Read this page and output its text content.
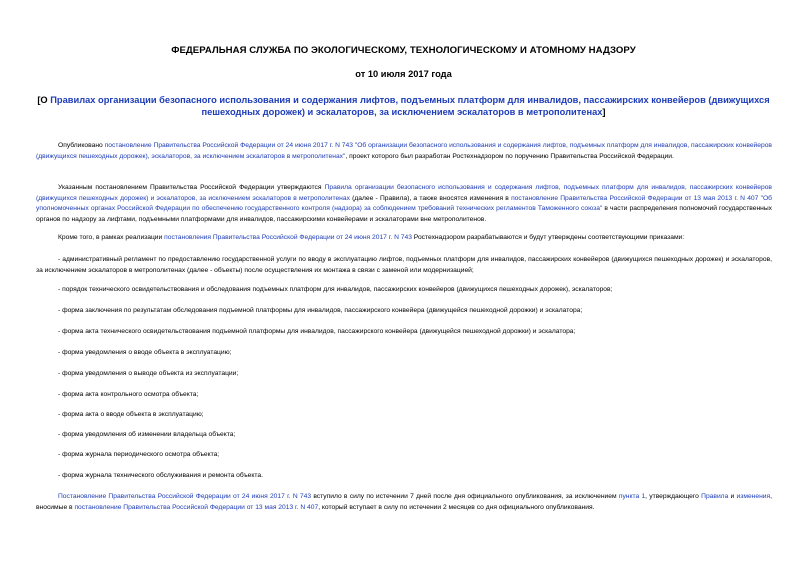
ФЕДЕРАЛЬНАЯ СЛУЖБА ПО ЭКОЛОГИЧЕСКОМУ, ТЕХНОЛОГИЧЕСКОМУ И АТОМНОМУ НАДЗОРУ
от 10 июля 2017 года
[О Правилах организации безопасного использования и содержания лифтов, подъемных платформ для инвалидов, пассажирских конвейеров (движущихся пешеходных дорожек) и эскалаторов, за исключением эскалаторов в метрополитенах]
Опубликовано постановление Правительства Российской Федерации от 24 июня 2017 г. N 743 "Об организации безопасного использования и содержания лифтов, подъемных платформ для инвалидов, пассажирских конвейеров (движущихся пешеходных дорожек), эскалаторов, за исключением эскалаторов в метрополитенах", проект которого был разработан Ростехнадзором по поручению Правительства Российской Федерации.
Указанным постановлением Правительства Российской Федерации утверждаются Правила организации безопасного использования и содержания лифтов, подъемных платформ для инвалидов, пассажирских конвейеров (движущихся пешеходных дорожек) и эскалаторов, за исключением эскалаторов в метрополитенах (далее - Правила), а также вносятся изменения в постановление Правительства Российской Федерации от 13 мая 2013 г. N 407 "Об уполномоченных органах Российской Федерации по обеспечению государственного контроля (надзора) за соблюдением требований технических регламентов Таможенного союза" в части распределения полномочий государственных органов по надзору за лифтами, подъемными платформами для инвалидов, пассажирскими конвейерами и эскалаторами вне метрополитенов.
Кроме того, в рамках реализации постановления Правительства Российской Федерации от 24 июня 2017 г. N 743 Ростехнадзором разрабатываются и будут утверждены соответствующими приказами:
- административный регламент по предоставлению государственной услуги по вводу в эксплуатацию лифтов, подъемных платформ для инвалидов, пассажирских конвейеров (движущихся пешеходных дорожек) и эскалаторов, за исключением эскалаторов в метрополитенах (далее - объекты) после осуществления их монтажа в связи с заменой или модернизацией;
- порядок технического освидетельствования и обследования подъемных платформ для инвалидов, пассажирских конвейеров (движущихся пешеходных дорожек), эскалаторов;
- форма заключения по результатам обследования подъемной платформы для инвалидов, пассажирского конвейера (движущейся пешеходной дорожки) и эскалатора;
- форма акта технического освидетельствования подъемной платформы для инвалидов, пассажирского конвейера (движущейся пешеходной дорожки) и эскалатора;
- форма уведомления о вводе объекта в эксплуатацию;
- форма уведомления о выводе объекта из эксплуатации;
- форма акта контрольного осмотра объекта;
- форма акта о вводе объекта в эксплуатацию;
- форма уведомления об изменении владельца объекта;
- форма журнала периодического осмотра объекта;
- форма журнала технического обслуживания и ремонта объекта.
Постановление Правительства Российской Федерации от 24 июня 2017 г. N 743 вступило в силу по истечении 7 дней после дня официального опубликования, за исключением пункта 1, утверждающего Правила и изменения, вносимые в постановление Правительства Российской Федерации от 13 мая 2013 г. N 407, который вступает в силу по истечении 2 месяцев со дня официального опубликования.
